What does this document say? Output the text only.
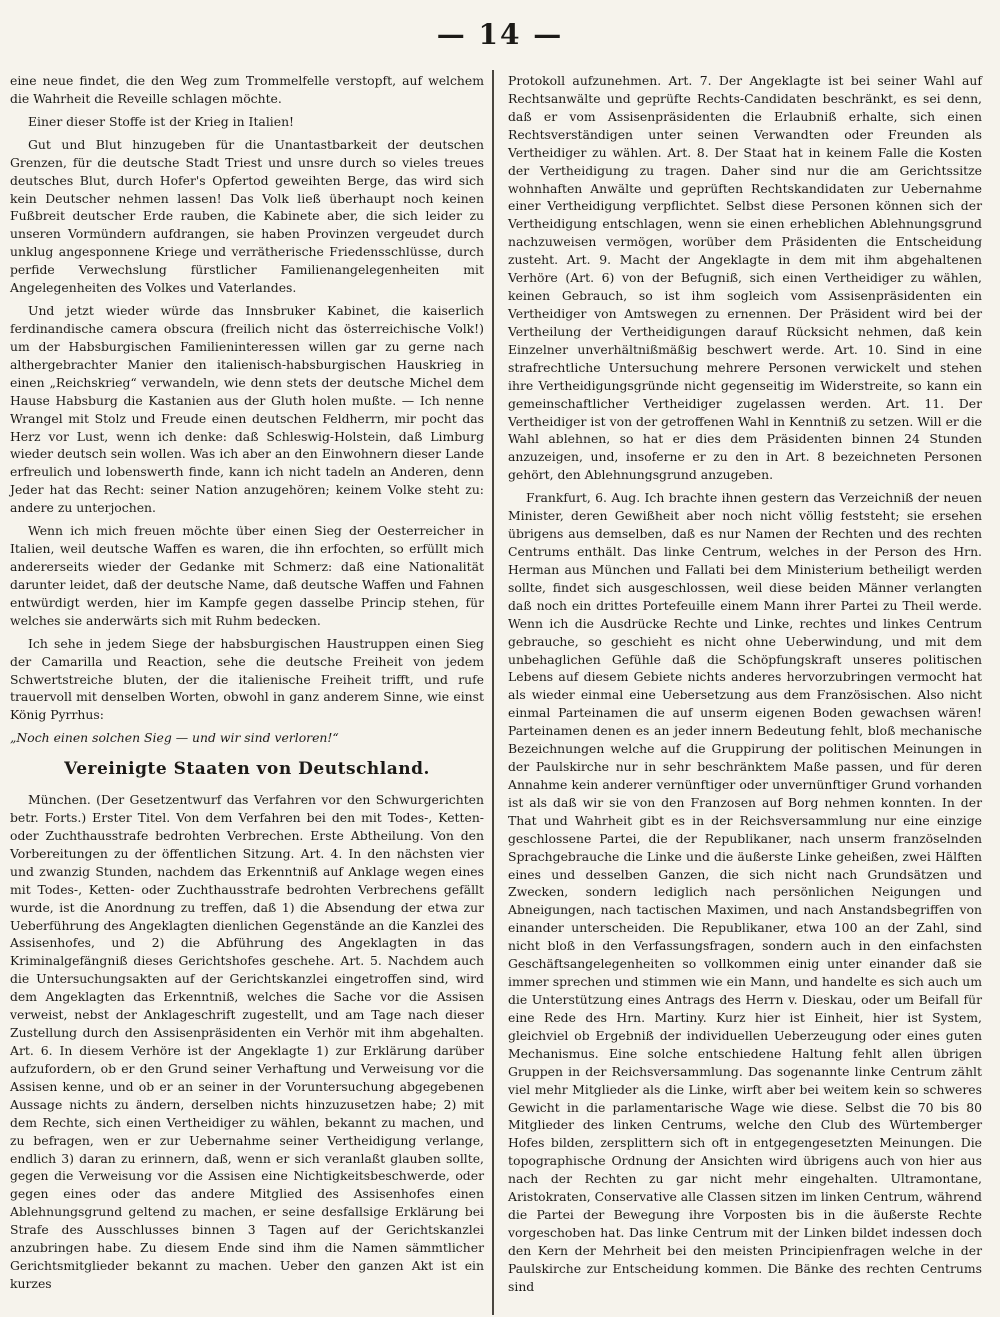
— 14 —

eine neue findet, die den Weg zum Trommelfelle verstopft, auf welchem die Wahrheit die Reveille schlagen möchte.

Einer dieser Stoffe ist der Krieg in Italien!

Gut und Blut hinzugeben für die Unantastbarkeit der deutschen Grenzen, für die deutsche Stadt Triest und unsre durch so vieles treues deutsches Blut, durch Hofer's Opfertod geweihten Berge, das wird sich kein Deutscher nehmen lassen! Das Volk ließ überhaupt noch keinen Fußbreit deutscher Erde rauben, die Kabinete aber, die sich leider zu unseren Vormündern aufdrangen, sie haben Provinzen vergeudet durch unklug angesponnene Kriege und verrätherische Friedensschlüsse, durch perfide Verwechslung fürstlicher Familienangelegenheiten mit Angelegenheiten des Volkes und Vaterlandes.

Und jetzt wieder würde das Innsbruker Kabinet, die kaiserlich ferdinandische camera obscura (freilich nicht das österreichische Volk!) um der Habsburgischen Familieninteressen willen gar zu gerne nach althergebrachter Manier den italienisch-habsburgischen Hauskrieg in einen „Reichskrieg“ verwandeln, wie denn stets der deutsche Michel dem Hause Habsburg die Kastanien aus der Gluth holen mußte. — Ich nenne Wrangel mit Stolz und Freude einen deutschen Feldherrn, mir pocht das Herz vor Lust, wenn ich denke: daß Schleswig-Holstein, daß Limburg wieder deutsch sein wollen. Was ich aber an den Einwohnern dieser Lande erfreulich und lobenswerth finde, kann ich nicht tadeln an Anderen, denn Jeder hat das Recht: seiner Nation anzugehören; keinem Volke steht zu: andere zu unterjochen.

Wenn ich mich freuen möchte über einen Sieg der Oesterreicher in Italien, weil deutsche Waffen es waren, die ihn erfochten, so erfüllt mich andererseits wieder der Gedanke mit Schmerz: daß eine Nationalität darunter leidet, daß der deutsche Name, daß deutsche Waffen und Fahnen entwürdigt werden, hier im Kampfe gegen dasselbe Princip stehen, für welches sie anderwärts sich mit Ruhm bedecken.

Ich sehe in jedem Siege der habsburgischen Haustruppen einen Sieg der Camarilla und Reaction, sehe die deutsche Freiheit von jedem Schwertstreiche bluten, der die italienische Freiheit trifft, und rufe trauervoll mit denselben Worten, obwohl in ganz anderem Sinne, wie einst König Pyrrhus:

„Noch einen solchen Sieg — und wir sind verloren!“

Vereinigte Staaten von Deutschland.

München. (Der Gesetzentwurf das Verfahren vor den Schwurgerichten betr. Forts.) Erster Titel. Von dem Verfahren bei den mit Todes-, Ketten- oder Zuchthausstrafe bedrohten Verbrechen. Erste Abtheilung. Von den Vorbereitungen zu der öffentlichen Sitzung. Art. 4. In den nächsten vier und zwanzig Stunden, nachdem das Erkenntniß auf Anklage wegen eines mit Todes-, Ketten- oder Zuchthausstrafe bedrohten Verbrechens gefällt wurde, ist die Anordnung zu treffen, daß 1) die Absendung der etwa zur Ueberführung des Angeklagten dienlichen Gegenstände an die Kanzlei des Assisenhofes, und 2) die Abführung des Angeklagten in das Kriminalgefängniß dieses Gerichtshofes geschehe. Art. 5. Nachdem auch die Untersuchungsakten auf der Gerichtskanzlei eingetroffen sind, wird dem Angeklagten das Erkenntniß, welches die Sache vor die Assisen verweist, nebst der Anklageschrift zugestellt, und am Tage nach dieser Zustellung durch den Assisenpräsidenten ein Verhör mit ihm abgehalten. Art. 6. In diesem Verhöre ist der Angeklagte 1) zur Erklärung darüber aufzufordern, ob er den Grund seiner Verhaftung und Verweisung vor die Assisen kenne, und ob er an seiner in der Voruntersuchung abgegebenen Aussage nichts zu ändern, derselben nichts hinzuzusetzen habe; 2) mit dem Rechte, sich einen Vertheidiger zu wählen, bekannt zu machen, und zu befragen, wen er zur Uebernahme seiner Vertheidigung verlange, endlich 3) daran zu erinnern, daß, wenn er sich veranlaßt glauben sollte, gegen die Verweisung vor die Assisen eine Nichtigkeitsbeschwerde, oder gegen eines oder das andere Mitglied des Assisenhofes einen Ablehnungsgrund geltend zu machen, er seine desfallsige Erklärung bei Strafe des Ausschlusses binnen 3 Tagen auf der Gerichtskanzlei anzubringen habe. Zu diesem Ende sind ihm die Namen sämmtlicher Gerichtsmitglieder bekannt zu machen. Ueber den ganzen Akt ist ein kurzes

Protokoll aufzunehmen. Art. 7. Der Angeklagte ist bei seiner Wahl auf Rechtsanwälte und geprüfte Rechts-Candidaten beschränkt, es sei denn, daß er vom Assisenpräsidenten die Erlaubniß erhalte, sich einen Rechtsverständigen unter seinen Verwandten oder Freunden als Vertheidiger zu wählen. Art. 8. Der Staat hat in keinem Falle die Kosten der Vertheidigung zu tragen. Daher sind nur die am Gerichtssitze wohnhaften Anwälte und geprüften Rechtskandidaten zur Uebernahme einer Vertheidigung verpflichtet. Selbst diese Personen können sich der Vertheidigung entschlagen, wenn sie einen erheblichen Ablehnungsgrund nachzuweisen vermögen, worüber dem Präsidenten die Entscheidung zusteht. Art. 9. Macht der Angeklagte in dem mit ihm abgehaltenen Verhöre (Art. 6) von der Befugniß, sich einen Vertheidiger zu wählen, keinen Gebrauch, so ist ihm sogleich vom Assisenpräsidenten ein Vertheidiger von Amtswegen zu ernennen. Der Präsident wird bei der Vertheilung der Vertheidigungen darauf Rücksicht nehmen, daß kein Einzelner unverhältnißmäßig beschwert werde. Art. 10. Sind in eine strafrechtliche Untersuchung mehrere Personen verwickelt und stehen ihre Vertheidigungsgründe nicht gegenseitig im Widerstreite, so kann ein gemeinschaftlicher Vertheidiger zugelassen werden. Art. 11. Der Vertheidiger ist von der getroffenen Wahl in Kenntniß zu setzen. Will er die Wahl ablehnen, so hat er dies dem Präsidenten binnen 24 Stunden anzuzeigen, und, insoferne er zu den in Art. 8 bezeichneten Personen gehört, den Ablehnungsgrund anzugeben.

Frankfurt, 6. Aug. Ich brachte ihnen gestern das Verzeichniß der neuen Minister, deren Gewißheit aber noch nicht völlig feststeht; sie ersehen übrigens aus demselben, daß es nur Namen der Rechten und des rechten Centrums enthält. Das linke Centrum, welches in der Person des Hrn. Herman aus München und Fallati bei dem Ministerium betheiligt werden sollte, findet sich ausgeschlossen, weil diese beiden Männer verlangten daß noch ein drittes Portefeuille einem Mann ihrer Partei zu Theil werde. Wenn ich die Ausdrücke Rechte und Linke, rechtes und linkes Centrum gebrauche, so geschieht es nicht ohne Ueberwindung, und mit dem unbehaglichen Gefühle daß die Schöpfungskraft unseres politischen Lebens auf diesem Gebiete nichts anderes hervorzubringen vermocht hat als wieder einmal eine Uebersetzung aus dem Französischen. Also nicht einmal Parteinamen die auf unserm eigenen Boden gewachsen wären! Parteinamen denen es an jeder innern Bedeutung fehlt, bloß mechanische Bezeichnungen welche auf die Gruppirung der politischen Meinungen in der Paulskirche nur in sehr beschränktem Maße passen, und für deren Annahme kein anderer vernünftiger oder unvernünftiger Grund vorhanden ist als daß wir sie von den Franzosen auf Borg nehmen konnten. In der That und Wahrheit gibt es in der Reichsversammlung nur eine einzige geschlossene Partei, die der Republikaner, nach unserm französelnden Sprachgebrauche die Linke und die äußerste Linke geheißen, zwei Hälften eines und desselben Ganzen, die sich nicht nach Grundsätzen und Zwecken, sondern lediglich nach persönlichen Neigungen und Abneigungen, nach tactischen Maximen, und nach Anstandsbegriffen von einander unterscheiden. Die Republikaner, etwa 100 an der Zahl, sind nicht bloß in den Verfassungsfragen, sondern auch in den einfachsten Geschäftsangelegenheiten so vollkommen einig unter einander daß sie immer sprechen und stimmen wie ein Mann, und handelte es sich auch um die Unterstützung eines Antrags des Herrn v. Dieskau, oder um Beifall für eine Rede des Hrn. Martiny. Kurz hier ist Einheit, hier ist System, gleichviel ob Ergebniß der individuellen Ueberzeugung oder eines guten Mechanismus. Eine solche entschiedene Haltung fehlt allen übrigen Gruppen in der Reichsversammlung. Das sogenannte linke Centrum zählt viel mehr Mitglieder als die Linke, wirft aber bei weitem kein so schweres Gewicht in die parlamentarische Wage wie diese. Selbst die 70 bis 80 Mitglieder des linken Centrums, welche den Club des Würtemberger Hofes bilden, zersplittern sich oft in entgegengesetzten Meinungen. Die topographische Ordnung der Ansichten wird übrigens auch von hier aus nach der Rechten zu gar nicht mehr eingehalten. Ultramontane, Aristokraten, Conservative alle Classen sitzen im linken Centrum, während die Partei der Bewegung ihre Vorposten bis in die äußerste Rechte vorgeschoben hat. Das linke Centrum mit der Linken bildet indessen doch den Kern der Mehrheit bei den meisten Principienfragen welche in der Paulskirche zur Entscheidung kommen. Die Bänke des rechten Centrums sind
